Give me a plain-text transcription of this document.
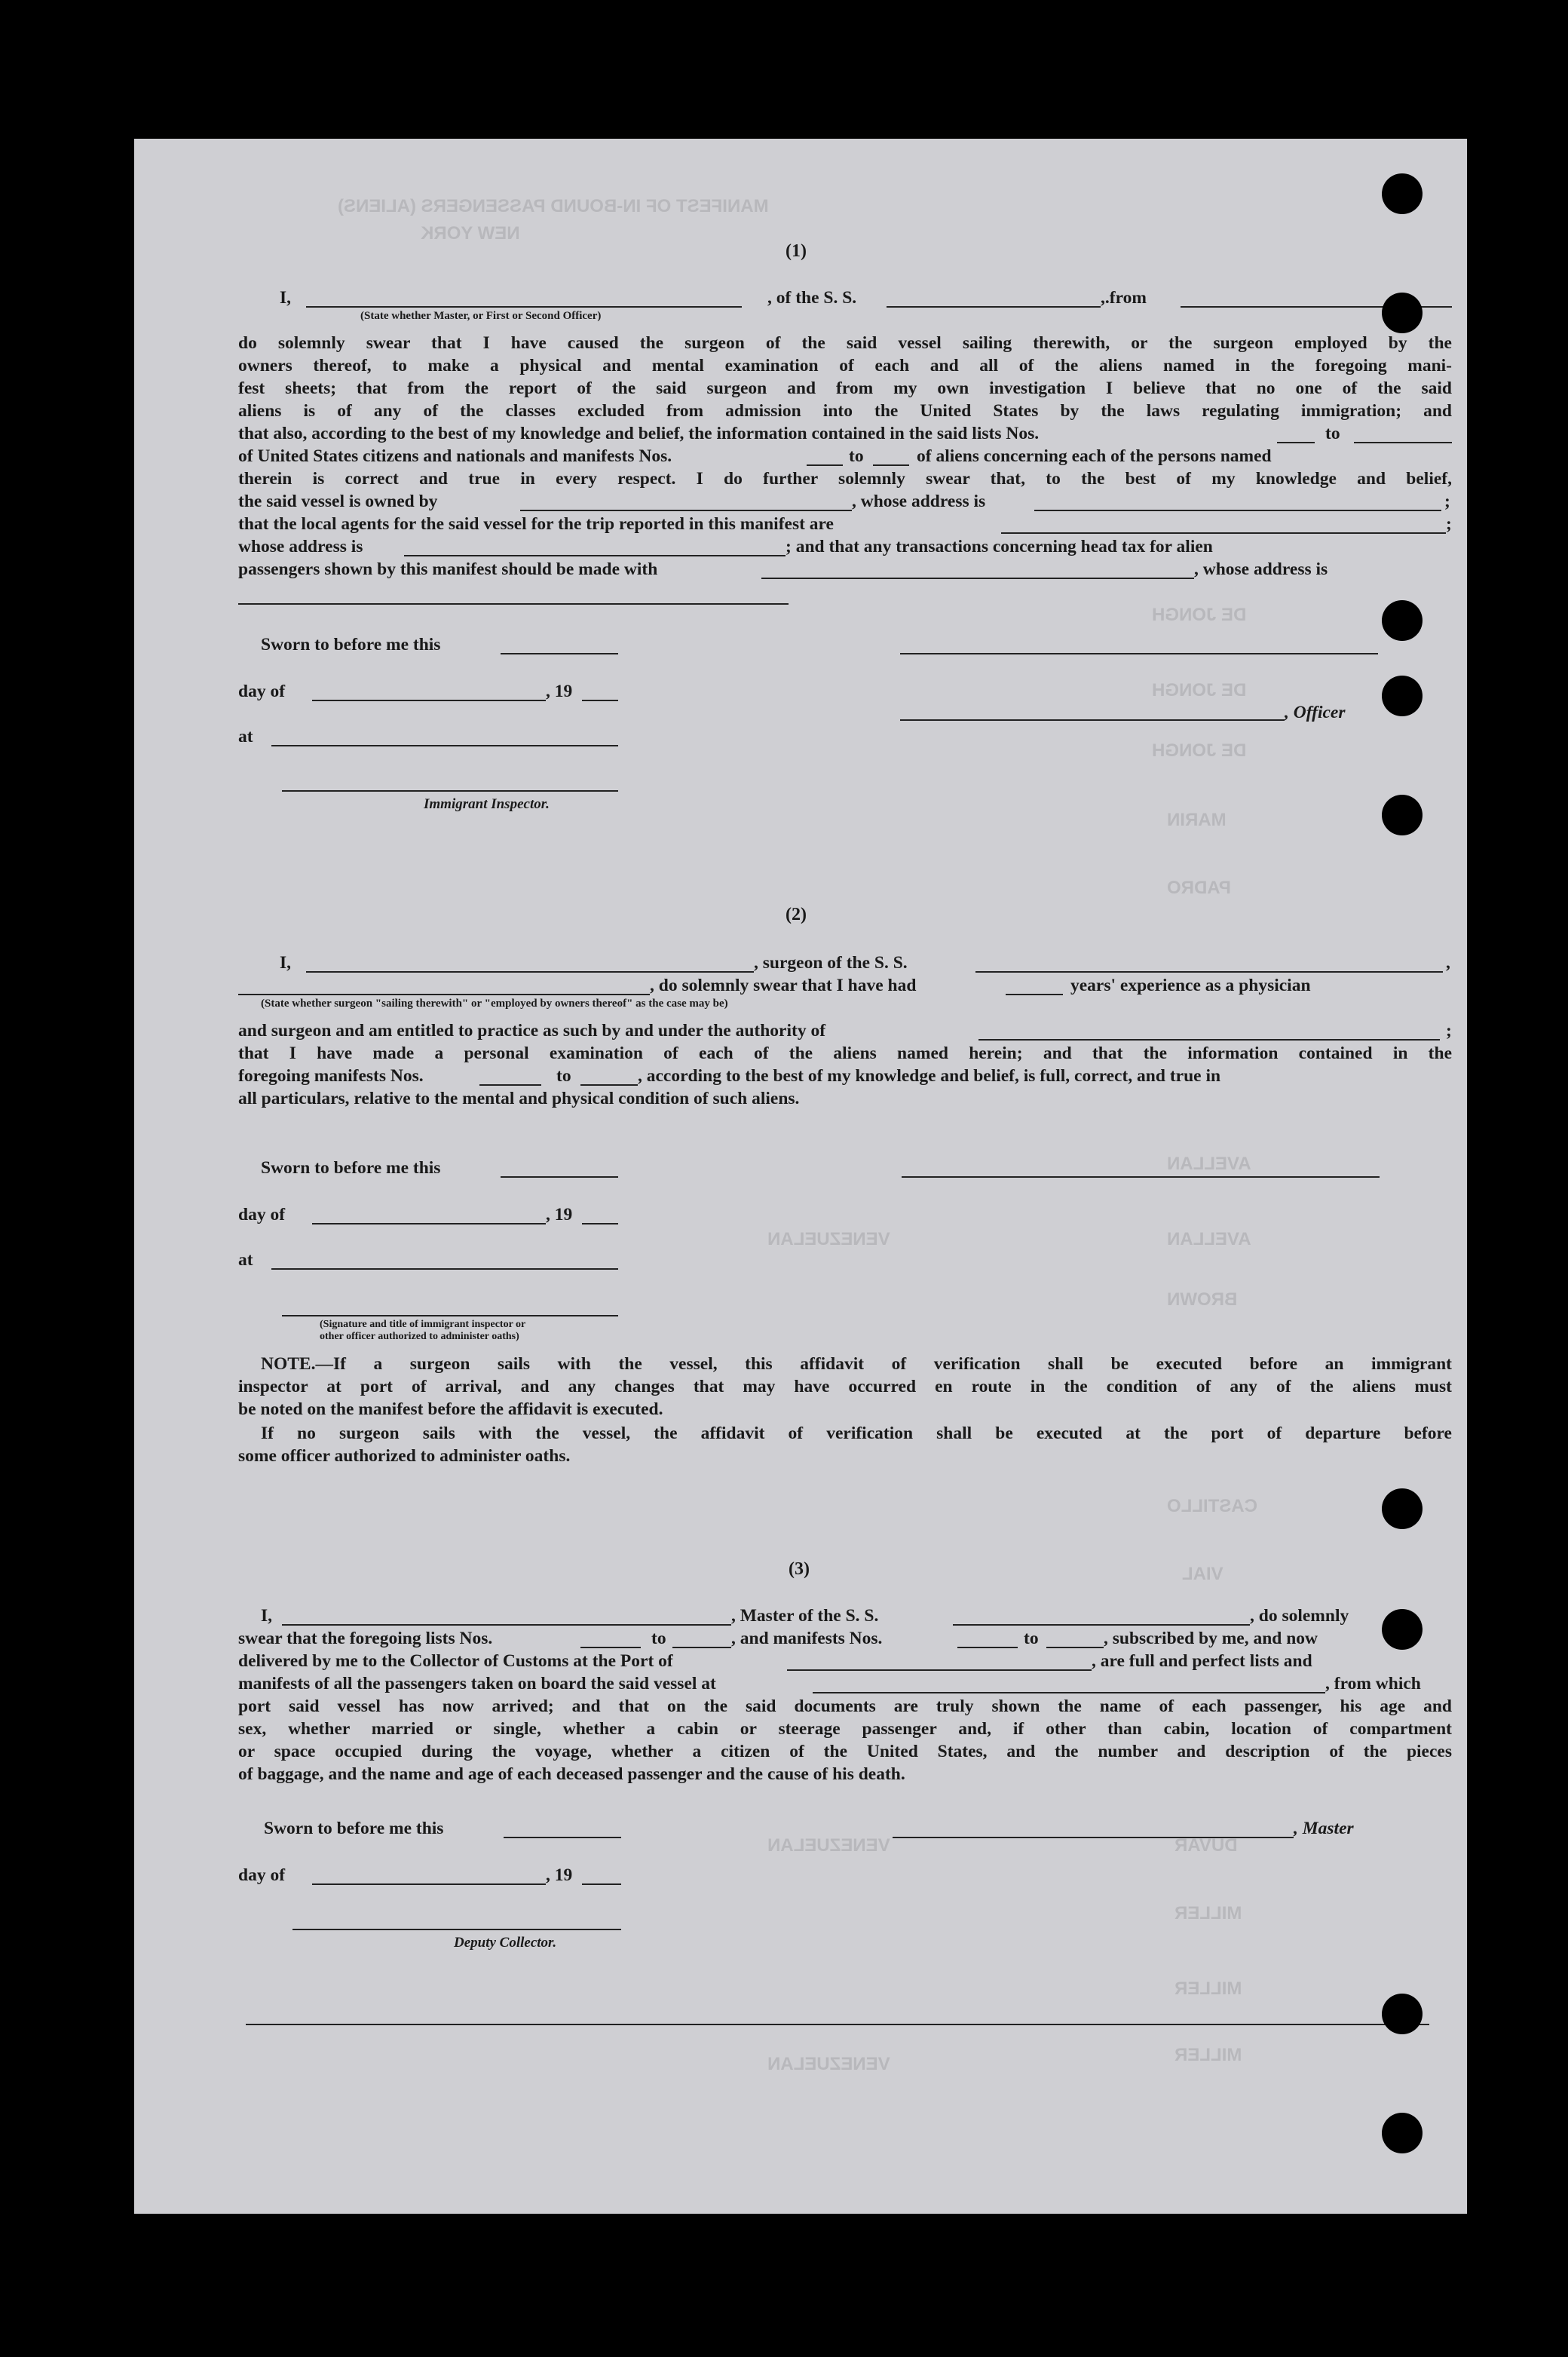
MANIFEST OF IN-BOUND PASSENGERS (ALIENS)
NEW YORK
DE JONGH
DE JONGH
DE JONGH
MARIN
PADRO
AVELLAN
AVELLAN
BROWN
CASTILLO
VIAL
DUVAR
MILLER
MILLER
MILLER
VENEZUELAN
VENEZUELAN
VENEZUELAN
(1)
I,	, of the S. S.	,.from
(State whether Master, or First or Second Officer)
do solemnly swear that I have caused the surgeon of the said vessel sailing therewith, or the surgeon employed by the
owners thereof, to make a physical and mental examination of each and all of the aliens named in the foregoing mani-
fest sheets; that from the report of the said surgeon and from my own investigation I believe that no one of the said
aliens is of any of the classes excluded from admission into the United States by the laws regulating immigration; and
that also, according to the best of my knowledge and belief, the information contained in the said lists Nos.	to
of United States citizens and nationals and manifests Nos.	to	of aliens concerning each of the persons named
therein is correct and true in every respect. I do further solemnly swear that, to the best of my knowledge and belief,
the said vessel is owned by	, whose address is	;
that the local agents for the said vessel for the trip reported in this manifest are	;
whose address is	; and that any transactions concerning head tax for alien
passengers shown by this manifest should be made with	, whose address is
Sworn to before me this
day of	, 19
, Officer
at
Immigrant Inspector.
(2)
I,	, surgeon of the S. S.	,
, do solemnly swear that I have had	years' experience as a physician
(State whether surgeon "sailing therewith" or "employed by owners thereof" as the case may be)
and surgeon and am entitled to practice as such by and under the authority of	;
that I have made a personal examination of each of the aliens named herein; and that the information contained in the
foregoing manifests Nos.	to	, according to the best of my knowledge and belief, is full, correct, and true in
all particulars, relative to the mental and physical condition of such aliens.
Sworn to before me this
day of	, 19
at
(Signature and title of immigrant inspector or
other officer authorized to administer oaths)
NOTE.—If a surgeon sails with the vessel, this affidavit of verification shall be executed before an immigrant
inspector at port of arrival, and any changes that may have occurred en route in the condition of any of the aliens must
be noted on the manifest before the affidavit is executed.
If no surgeon sails with the vessel, the affidavit of verification shall be executed at the port of departure before
some officer authorized to administer oaths.
(3)
I,	, Master of the S. S.	, do solemnly
swear that the foregoing lists Nos.	to	, and manifests Nos.	to	, subscribed by me, and now
delivered by me to the Collector of Customs at the Port of	, are full and perfect lists and
manifests of all the passengers taken on board the said vessel at	, from which
port said vessel has now arrived; and that on the said documents are truly shown the name of each passenger, his age and
sex, whether married or single, whether a cabin or steerage passenger and, if other than cabin, location of compartment
or space occupied during the voyage, whether a citizen of the United States, and the number and description of the pieces
of baggage, and the name and age of each deceased passenger and the cause of his death.
Sworn to before me this	, Master
day of	, 19
Deputy Collector.
